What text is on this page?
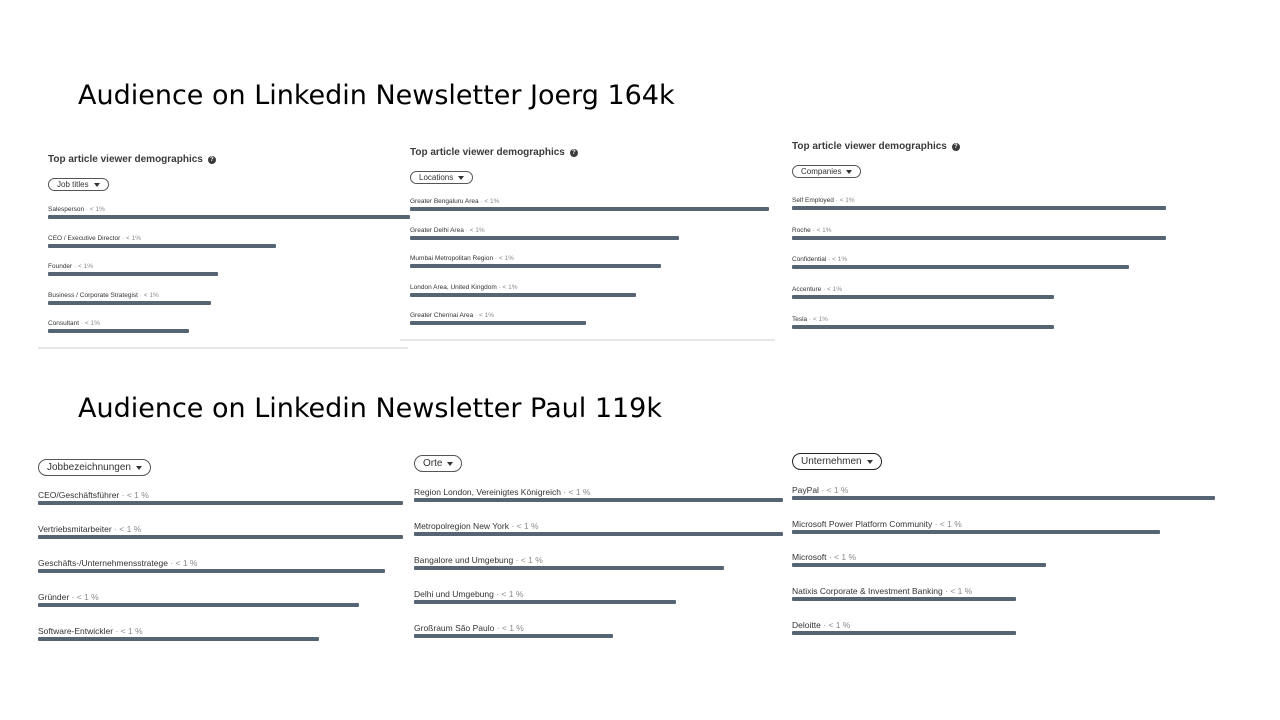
Audience on Linkedin Newsletter Joerg 164k
Audience on Linkedin Newsletter Paul 119k
Top article viewer demographics	?
Job titles
Salesperson · < 1%
CEO / Executive Director · < 1%
Founder · < 1%
Business / Corporate Strategist · < 1%
Consultant · < 1%
Top article viewer demographics	?
Locations
Greater Bengaluru Area · < 1%
Greater Delhi Area · < 1%
Mumbai Metropolitan Region · < 1%
London Area, United Kingdom · < 1%
Greater Chennai Area · < 1%
Top article viewer demographics	?
Companies
Self Employed · < 1%
Roche · < 1%
Confidential · < 1%
Accenture · < 1%
Tesla · < 1%
Jobbezeichnungen
CEO/Geschäftsführer · < 1 %
Vertriebsmitarbeiter · < 1 %
Geschäfts-/Unternehmensstratege · < 1 %
Gründer · < 1 %
Software-Entwickler · < 1 %
Orte
Region London, Vereinigtes Königreich · < 1 %
Metropolregion New York · < 1 %
Bangalore und Umgebung · < 1 %
Delhi und Umgebung · < 1 %
Großraum São Paulo · < 1 %
Unternehmen
PayPal · < 1 %
Microsoft Power Platform Community · < 1 %
Microsoft · < 1 %
Natixis Corporate & Investment Banking · < 1 %
Deloitte · < 1 %
